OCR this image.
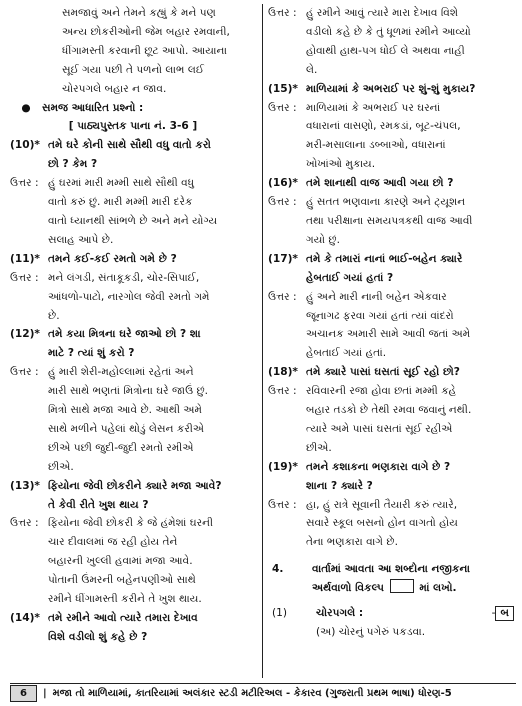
સમજાવું અને તેમને કહ્યું કે મને પણ
અન્ય છોકરીઓની જેમ બહાર રમવાની,
ધીંગામસ્તી કરવાની છૂટ આપો. આયાના
સૂઈ ગયા પછી તે પળનો લાભ લઈ
ચોરપગલે બહાર ન જાવ.
●	સમજ આધારિત પ્રશ્નો :
[ પાઠ્યપુસ્તક પાના નં. 3-6 ]
(10)* તમે ઘરે કોની સાથે સૌથી વધુ વાતો કરો
છો ? કેમ ?
ઉત્તર : હું ઘરમાં મારી મમ્મી સાથે સૌથી વધુ
વાતો કરું છું. મારી મમ્મી મારી દરેક
વાતો ધ્યાનથી સાંભળે છે અને મને યોગ્ય
સલાહ આપે છે.
(11)* તમને કઈ-કઈ રમતો ગમે છે ?
ઉત્તર : મને લંગડી, સંતાકૂકડી, ચોર-સિપાઈ,
આંધળો-પાટો, નારગોલ જેવી રમતો ગમે
છે.
(12)* તમે કયા મિત્રના ઘરે જાઓ છો ? શા
માટે ? ત્યાં શું કરો ?
ઉત્તર : હું મારી શેરી-મહોલ્લામાં રહેતાં અને
મારી સાથે ભણતાં મિત્રોના ઘરે જાઉં છું.
મિત્રો સાથે મજા આવે છે. આથી અમે
સાથે મળીને પહેલાં થોડું લેસન કરીએ
છીએ પછી જુદી-જુદી રમતો રમીએ
છીએ.
(13)* ફિયોના જેવી છોકરીને ક્યારે મજા આવે?
તે કેવી રીતે ખુશ થાય ?
ઉત્તર : ફિયોના જેવી છોકરી કે જે હંમેશાં ઘરની
ચાર દીવાલમાં જ રહી હોય તેને
બહારની ખુલ્લી હવામાં મજા આવે.
પોતાની ઉંમરની બહેનપણીઓ સાથે
રમીને ધીંગામસ્તી કરીને તે ખુશ થાય.
(14)* તમે રમીને આવો ત્યારે તમારા દેખાવ
વિશે વડીલો શું કહે છે ?
ઉત્તર : હું રમીને આવું ત્યારે મારા દેખાવ વિશે
વડીલો કહે છે કે તું ધૂળમાં રમીને આવ્યો
હોવાથી હાથ-પગ ધોઈ લે અથવા નાહી
લે.
(15)* માળિયામાં કે અભરાઈ પર શું-શું મુકાય?
ઉત્તર : માળિયામાં કે અભરાઈ પર ઘરનાં
વધારાનાં વાસણો, રમકડાં, બૂટ-ચંપલ,
મરી-મસાલાના ડબ્બાઓ, વધારાનાં
ખોખાંઓ મુકાય.
(16)* તમે શાનાથી વાજ આવી ગયા છો ?
ઉત્તર : હું સતત ભણવાના કારણે અને ટ્યૂશન
તથા પરીક્ષાના સમયપત્રકથી વાજ આવી
ગયો છું.
(17)* તમે કે તમારાં નાનાં ભાઈ-બહેન ક્યારે
હેબતાઈ ગયાં હતાં ?
ઉત્તર : હું અને મારી નાની બહેન એકવાર
જૂનાગઢ ફરવા ગયાં હતાં ત્યાં વાંદરો
અચાનક અમારી સામે આવી જતાં અમે
હેબતાઈ ગયાં હતાં.
(18)* તમે ક્યારે પાસાં ઘસતાં સૂઈ રહો છો?
ઉત્તર : રવિવારની રજા હોવા છતાં મમ્મી કહે
બહાર તડકો છે તેથી રમવા જવાનું નથી.
ત્યારે અમે પાસાં ઘસતાં સૂઈ રહીએ
છીએ.
(19)* તમને કશાકના ભણકારા વાગે છે ?
શાના ? ક્યારે ?
ઉત્તર : હા, હું રાત્રે સૂવાની તૈયારી કરું ત્યારે,
સવારે સ્કૂલ બસનો હોન વાગતો હોય
તેના ભણકારા વાગે છે.
4.	વાર્તામાં આવતા આ શબ્દોના નજીકના
અર્થવાળો વિકલ્પ	માં લખો.
(1)	ચોરપગલે :	- બ
(અ) ચોરનું પગેરું પકડવા.
6	| મજા તો માળિયામાં, કાતરિયામાં અલંકાર સ્ટડી મટીરિઅલ - કેકારવ (ગુજરાતી પ્રથમ ભાષા) ધોરણ-5
